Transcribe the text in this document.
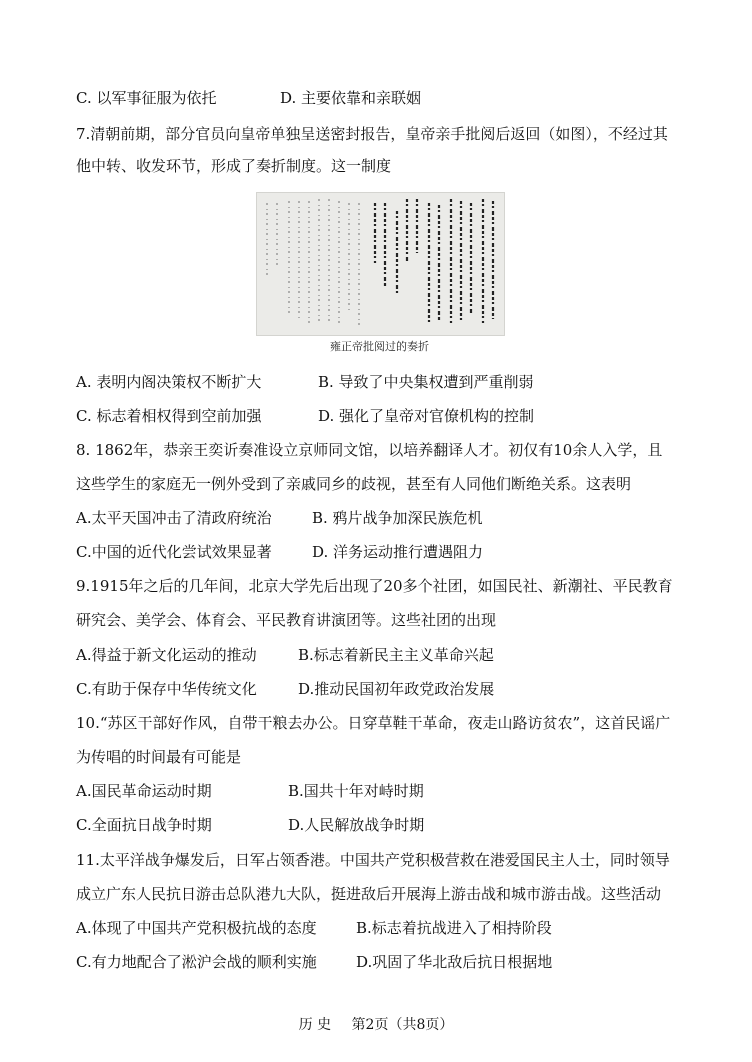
C. 以军事征服为依托	D. 主要依靠和亲联姻
7.清朝前期，部分官员向皇帝单独呈送密封报告，皇帝亲手批阅后返回（如图），不经过其
他中转、收发环节，形成了奏折制度。这一制度
雍正帝批阅过的奏折
A. 表明内阁决策权不断扩大	B. 导致了中央集权遭到严重削弱
C. 标志着相权得到空前加强	D. 强化了皇帝对官僚机构的控制
8. 1862年，恭亲王奕䜣奏准设立京师同文馆，以培养翻译人才。初仅有10余人入学，且
这些学生的家庭无一例外受到了亲戚同乡的歧视，甚至有人同他们断绝关系。这表明
A.太平天国冲击了清政府统治	B. 鸦片战争加深民族危机
C.中国的近代化尝试效果显著	D. 洋务运动推行遭遇阻力
9.1915年之后的几年间，北京大学先后出现了20多个社团，如国民社、新潮社、平民教育
研究会、美学会、体育会、平民教育讲演团等。这些社团的出现
A.得益于新文化运动的推动	B.标志着新民主主义革命兴起
C.有助于保存中华传统文化	D.推动民国初年政党政治发展
10.“苏区干部好作风，自带干粮去办公。日穿草鞋干革命，夜走山路访贫农”，这首民谣广
为传唱的时间最有可能是
A.国民革命运动时期	B.国共十年对峙时期
C.全面抗日战争时期	D.人民解放战争时期
11.太平洋战争爆发后，日军占领香港。中国共产党积极营救在港爱国民主人士，同时领导
成立广东人民抗日游击总队港九大队，挺进敌后开展海上游击战和城市游击战。这些活动
A.体现了中国共产党积极抗战的态度	B.标志着抗战进入了相持阶段
C.有力地配合了淞沪会战的顺利实施	D.巩固了华北敌后抗日根据地
历 史 第2页（共8页）
